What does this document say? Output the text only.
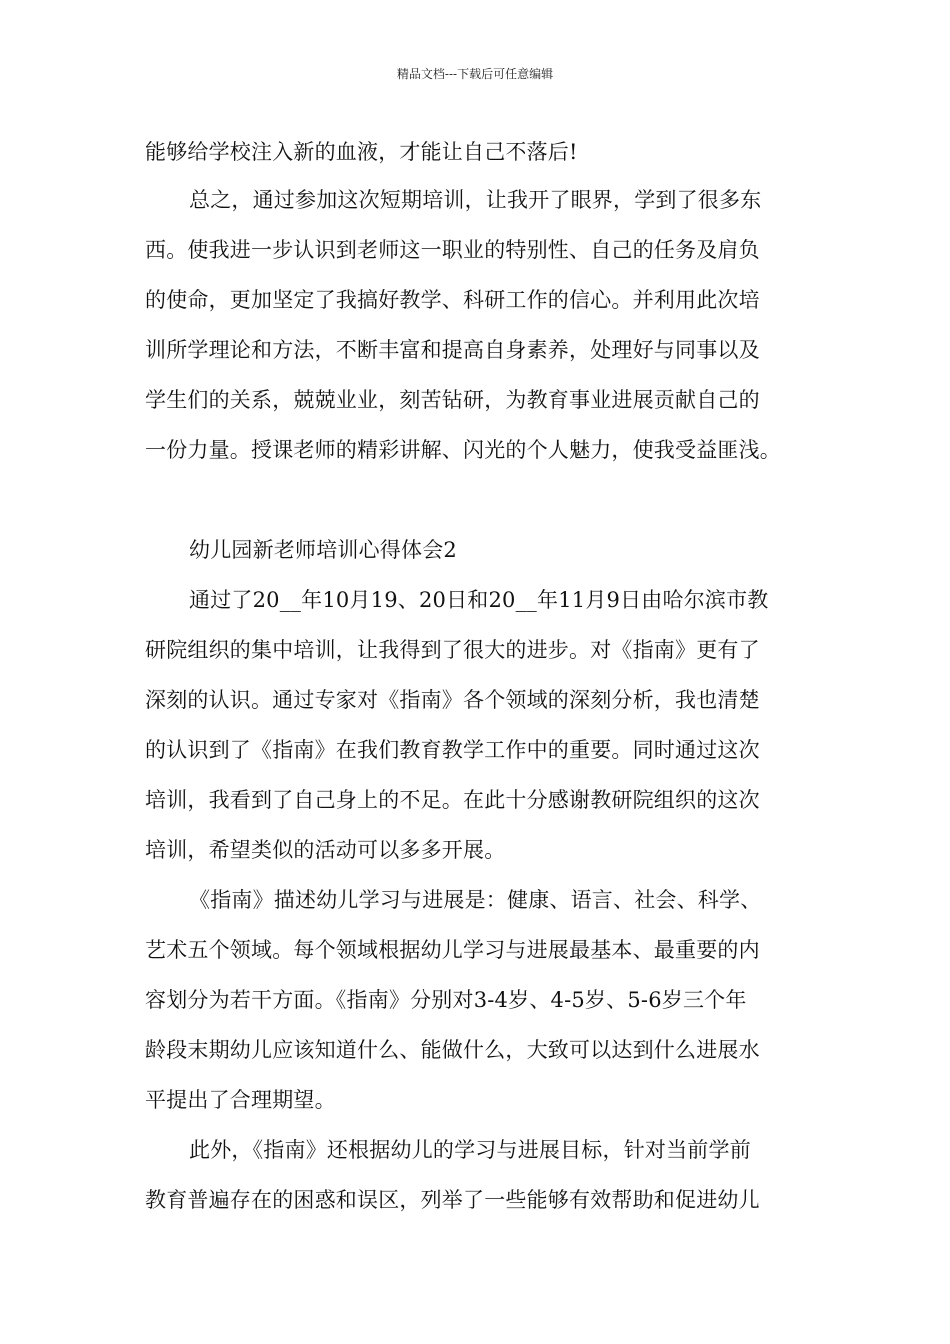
精品文档---下载后可任意编辑
能够给学校注入新的血液，才能让自己不落后!
总之，通过参加这次短期培训，让我开了眼界，学到了很多东
西。使我进一步认识到老师这一职业的特别性、自己的任务及肩负
的使命，更加坚定了我搞好教学、科研工作的信心。并利用此次培
训所学理论和方法，不断丰富和提高自身素养，处理好与同事以及
学生们的关系，兢兢业业，刻苦钻研，为教育事业进展贡献自己的
一份力量。授课老师的精彩讲解、闪光的个人魅力，使我受益匪浅。
幼儿园新老师培训心得体会2
通过了20__年10月19、20日和20__年11月9日由哈尔滨市教
研院组织的集中培训，让我得到了很大的进步。对《指南》更有了
深刻的认识。通过专家对《指南》各个领域的深刻分析，我也清楚
的认识到了《指南》在我们教育教学工作中的重要。同时通过这次
培训，我看到了自己身上的不足。在此十分感谢教研院组织的这次
培训，希望类似的活动可以多多开展。
《指南》描述幼儿学习与进展是：健康、语言、社会、科学、
艺术五个领域。每个领域根据幼儿学习与进展最基本、最重要的内
容划分为若干方面。《指南》分别对3-4岁、4-5岁、5-6岁三个年
龄段末期幼儿应该知道什么、能做什么，大致可以达到什么进展水
平提出了合理期望。
此外，《指南》还根据幼儿的学习与进展目标，针对当前学前
教育普遍存在的困惑和误区，列举了一些能够有效帮助和促进幼儿
